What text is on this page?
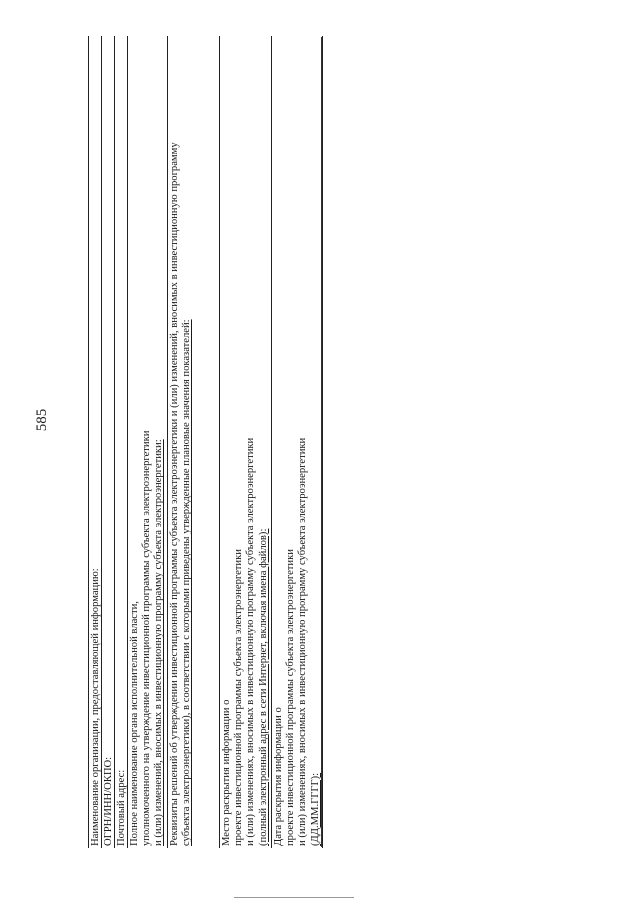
585
Наименование организации, предоставляющей информацию: ОГРН/ИНН/ОКПО: Почтовый адрес: Полное наименование органа исполнительной власти, уполномоченного на утверждение инвестиционной программы субъекта электроэнергетики и (или) изменений, вносимых в инвестиционную программу субъекта электроэнергетики: Реквизиты решений об утверждении инвестиционной программы субъекта электроэнергетики и (или) изменений, вносимых в инвестиционную программу субъекта электроэнергетики), в соответствии с которыми приведены утвержденные плановые значения показателей:	Место раскрытия информации о проекте инвестиционной программы субъекта электроэнергетики и (или) изменениях, вносимых в инвестиционную программу субъекта электроэнергетики (полный электронный адрес в сети Интернет, включая имена файлов): Дата раскрытия информации о проекте инвестиционной программы субъекта электроэнергетики и (или) изменениях, вносимых в инвестиционную программу субъекта электроэнергетики (ДД.ММ.ГГГГ):
